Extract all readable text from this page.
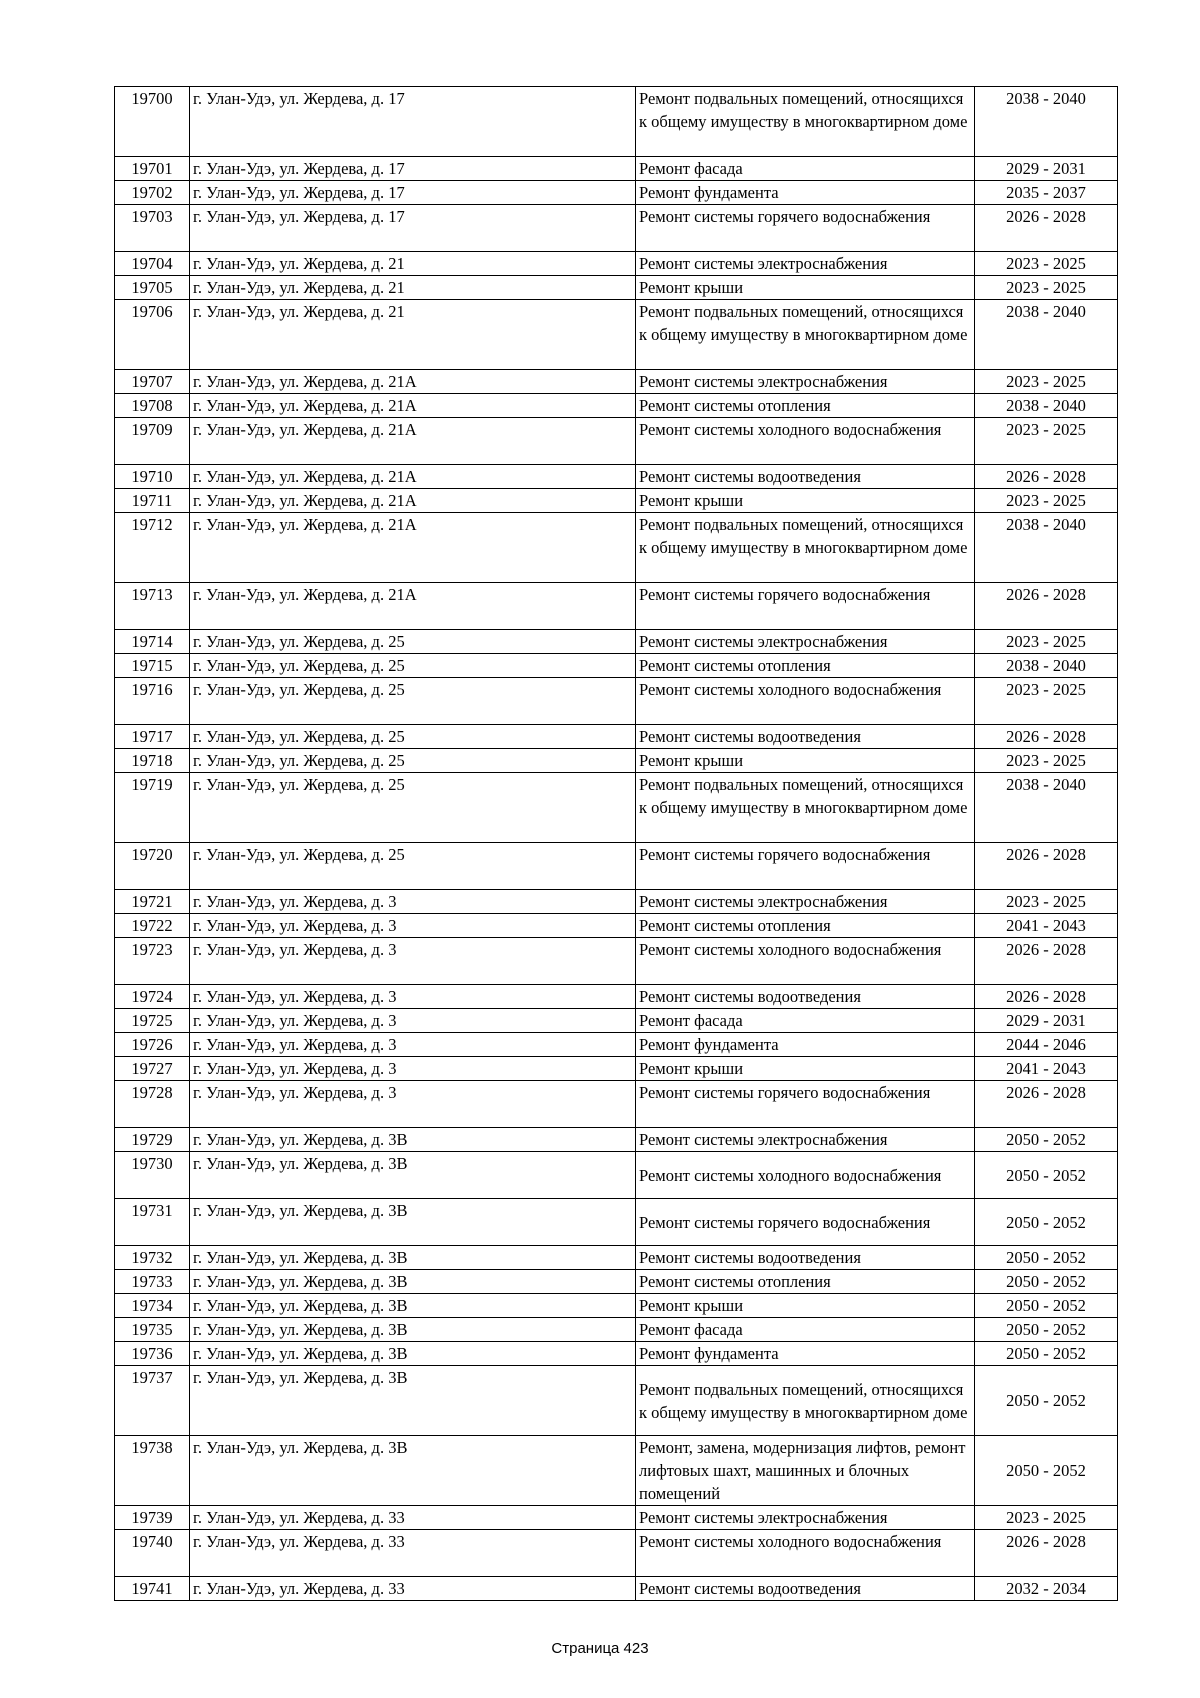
19700	г. Улан-Удэ, ул. Жердева, д. 17	Ремонт подвальных помещений, относящихся к общему имуществу в многоквартирном доме	2038 - 2040
19701	г. Улан-Удэ, ул. Жердева, д. 17	Ремонт фасада	2029 - 2031
19702	г. Улан-Удэ, ул. Жердева, д. 17	Ремонт фундамента	2035 - 2037
19703	г. Улан-Удэ, ул. Жердева, д. 17	Ремонт системы горячего водоснабжения	2026 - 2028
19704	г. Улан-Удэ, ул. Жердева, д. 21	Ремонт системы электроснабжения	2023 - 2025
19705	г. Улан-Удэ, ул. Жердева, д. 21	Ремонт крыши	2023 - 2025
19706	г. Улан-Удэ, ул. Жердева, д. 21	Ремонт подвальных помещений, относящихся к общему имуществу в многоквартирном доме	2038 - 2040
19707	г. Улан-Удэ, ул. Жердева, д. 21А	Ремонт системы электроснабжения	2023 - 2025
19708	г. Улан-Удэ, ул. Жердева, д. 21А	Ремонт системы отопления	2038 - 2040
19709	г. Улан-Удэ, ул. Жердева, д. 21А	Ремонт системы холодного водоснабжения	2023 - 2025
19710	г. Улан-Удэ, ул. Жердева, д. 21А	Ремонт системы водоотведения	2026 - 2028
19711	г. Улан-Удэ, ул. Жердева, д. 21А	Ремонт крыши	2023 - 2025
19712	г. Улан-Удэ, ул. Жердева, д. 21А	Ремонт подвальных помещений, относящихся к общему имуществу в многоквартирном доме	2038 - 2040
19713	г. Улан-Удэ, ул. Жердева, д. 21А	Ремонт системы горячего водоснабжения	2026 - 2028
19714	г. Улан-Удэ, ул. Жердева, д. 25	Ремонт системы электроснабжения	2023 - 2025
19715	г. Улан-Удэ, ул. Жердева, д. 25	Ремонт системы отопления	2038 - 2040
19716	г. Улан-Удэ, ул. Жердева, д. 25	Ремонт системы холодного водоснабжения	2023 - 2025
19717	г. Улан-Удэ, ул. Жердева, д. 25	Ремонт системы водоотведения	2026 - 2028
19718	г. Улан-Удэ, ул. Жердева, д. 25	Ремонт крыши	2023 - 2025
19719	г. Улан-Удэ, ул. Жердева, д. 25	Ремонт подвальных помещений, относящихся к общему имуществу в многоквартирном доме	2038 - 2040
19720	г. Улан-Удэ, ул. Жердева, д. 25	Ремонт системы горячего водоснабжения	2026 - 2028
19721	г. Улан-Удэ, ул. Жердева, д. 3	Ремонт системы электроснабжения	2023 - 2025
19722	г. Улан-Удэ, ул. Жердева, д. 3	Ремонт системы отопления	2041 - 2043
19723	г. Улан-Удэ, ул. Жердева, д. 3	Ремонт системы холодного водоснабжения	2026 - 2028
19724	г. Улан-Удэ, ул. Жердева, д. 3	Ремонт системы водоотведения	2026 - 2028
19725	г. Улан-Удэ, ул. Жердева, д. 3	Ремонт фасада	2029 - 2031
19726	г. Улан-Удэ, ул. Жердева, д. 3	Ремонт фундамента	2044 - 2046
19727	г. Улан-Удэ, ул. Жердева, д. 3	Ремонт крыши	2041 - 2043
19728	г. Улан-Удэ, ул. Жердева, д. 3	Ремонт системы горячего водоснабжения	2026 - 2028
19729	г. Улан-Удэ, ул. Жердева, д. 3В	Ремонт системы электроснабжения	2050 - 2052
19730	г. Улан-Удэ, ул. Жердева, д. 3В	Ремонт системы холодного водоснабжения	2050 - 2052
19731	г. Улан-Удэ, ул. Жердева, д. 3В	Ремонт системы горячего водоснабжения	2050 - 2052
19732	г. Улан-Удэ, ул. Жердева, д. 3В	Ремонт системы водоотведения	2050 - 2052
19733	г. Улан-Удэ, ул. Жердева, д. 3В	Ремонт системы отопления	2050 - 2052
19734	г. Улан-Удэ, ул. Жердева, д. 3В	Ремонт крыши	2050 - 2052
19735	г. Улан-Удэ, ул. Жердева, д. 3В	Ремонт фасада	2050 - 2052
19736	г. Улан-Удэ, ул. Жердева, д. 3В	Ремонт фундамента	2050 - 2052
19737	г. Улан-Удэ, ул. Жердева, д. 3В	Ремонт подвальных помещений, относящихся к общему имуществу в многоквартирном доме	2050 - 2052
19738	г. Улан-Удэ, ул. Жердева, д. 3В	Ремонт, замена, модернизация лифтов, ремонт лифтовых шахт, машинных и блочных помещений	2050 - 2052
19739	г. Улан-Удэ, ул. Жердева, д. 33	Ремонт системы электроснабжения	2023 - 2025
19740	г. Улан-Удэ, ул. Жердева, д. 33	Ремонт системы холодного водоснабжения	2026 - 2028
19741	г. Улан-Удэ, ул. Жердева, д. 33	Ремонт системы водоотведения	2032 - 2034
Страница 423
